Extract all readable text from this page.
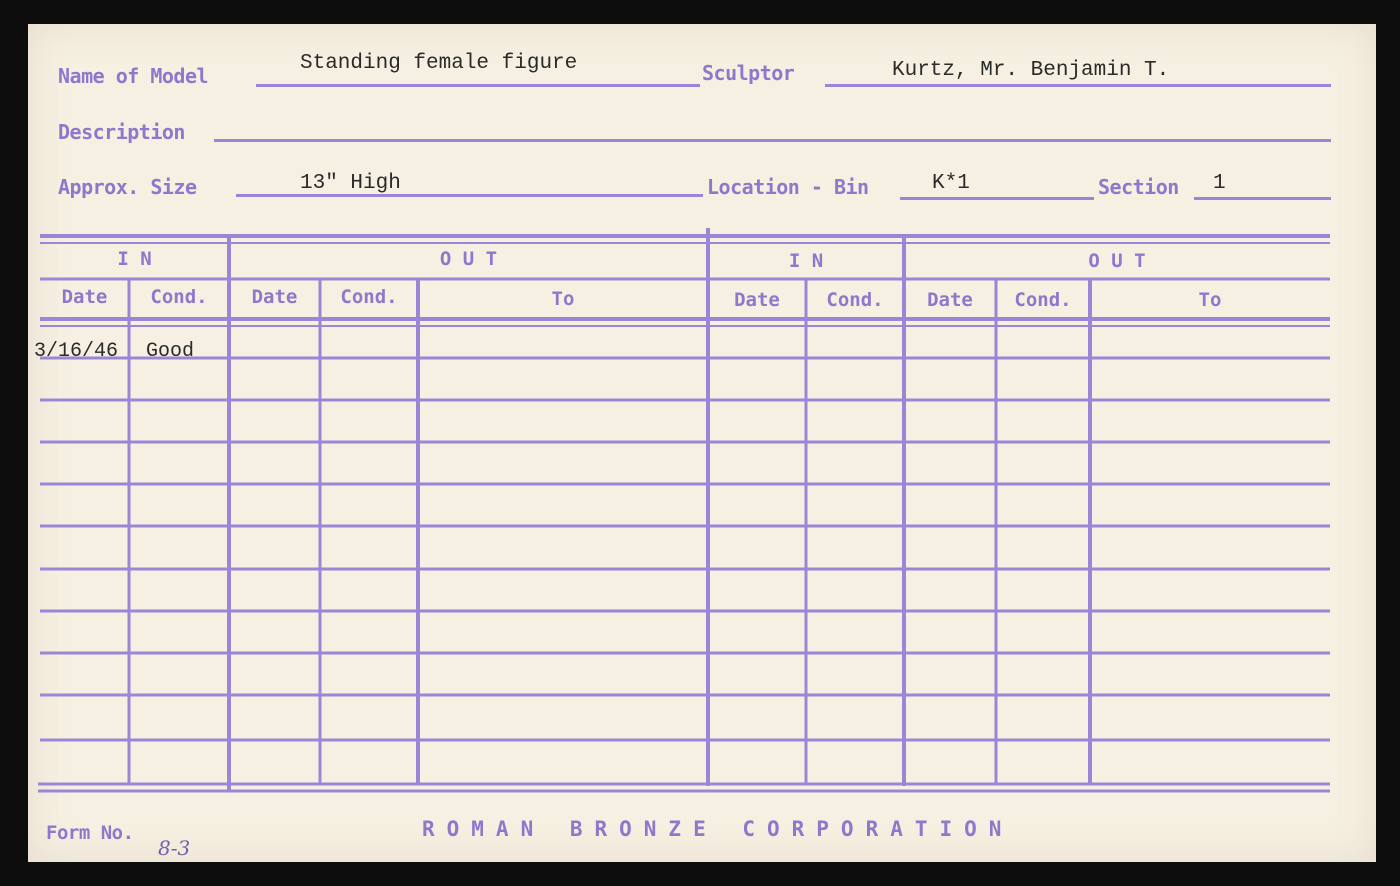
Name of Model
Standing female figure	Sculptor	Kurtz, Mr. Benjamin T.
Description
Approx. Size	13" High	Location - Bin	K*1	Section 1
I N	O U T	I N	O U T
Date	Cond.	Date	Cond.	To	Date	Cond.	Date	Cond.	To
3/16/46 Good
Form No.
8-3
ROMAN BRONZE CORPORATION
